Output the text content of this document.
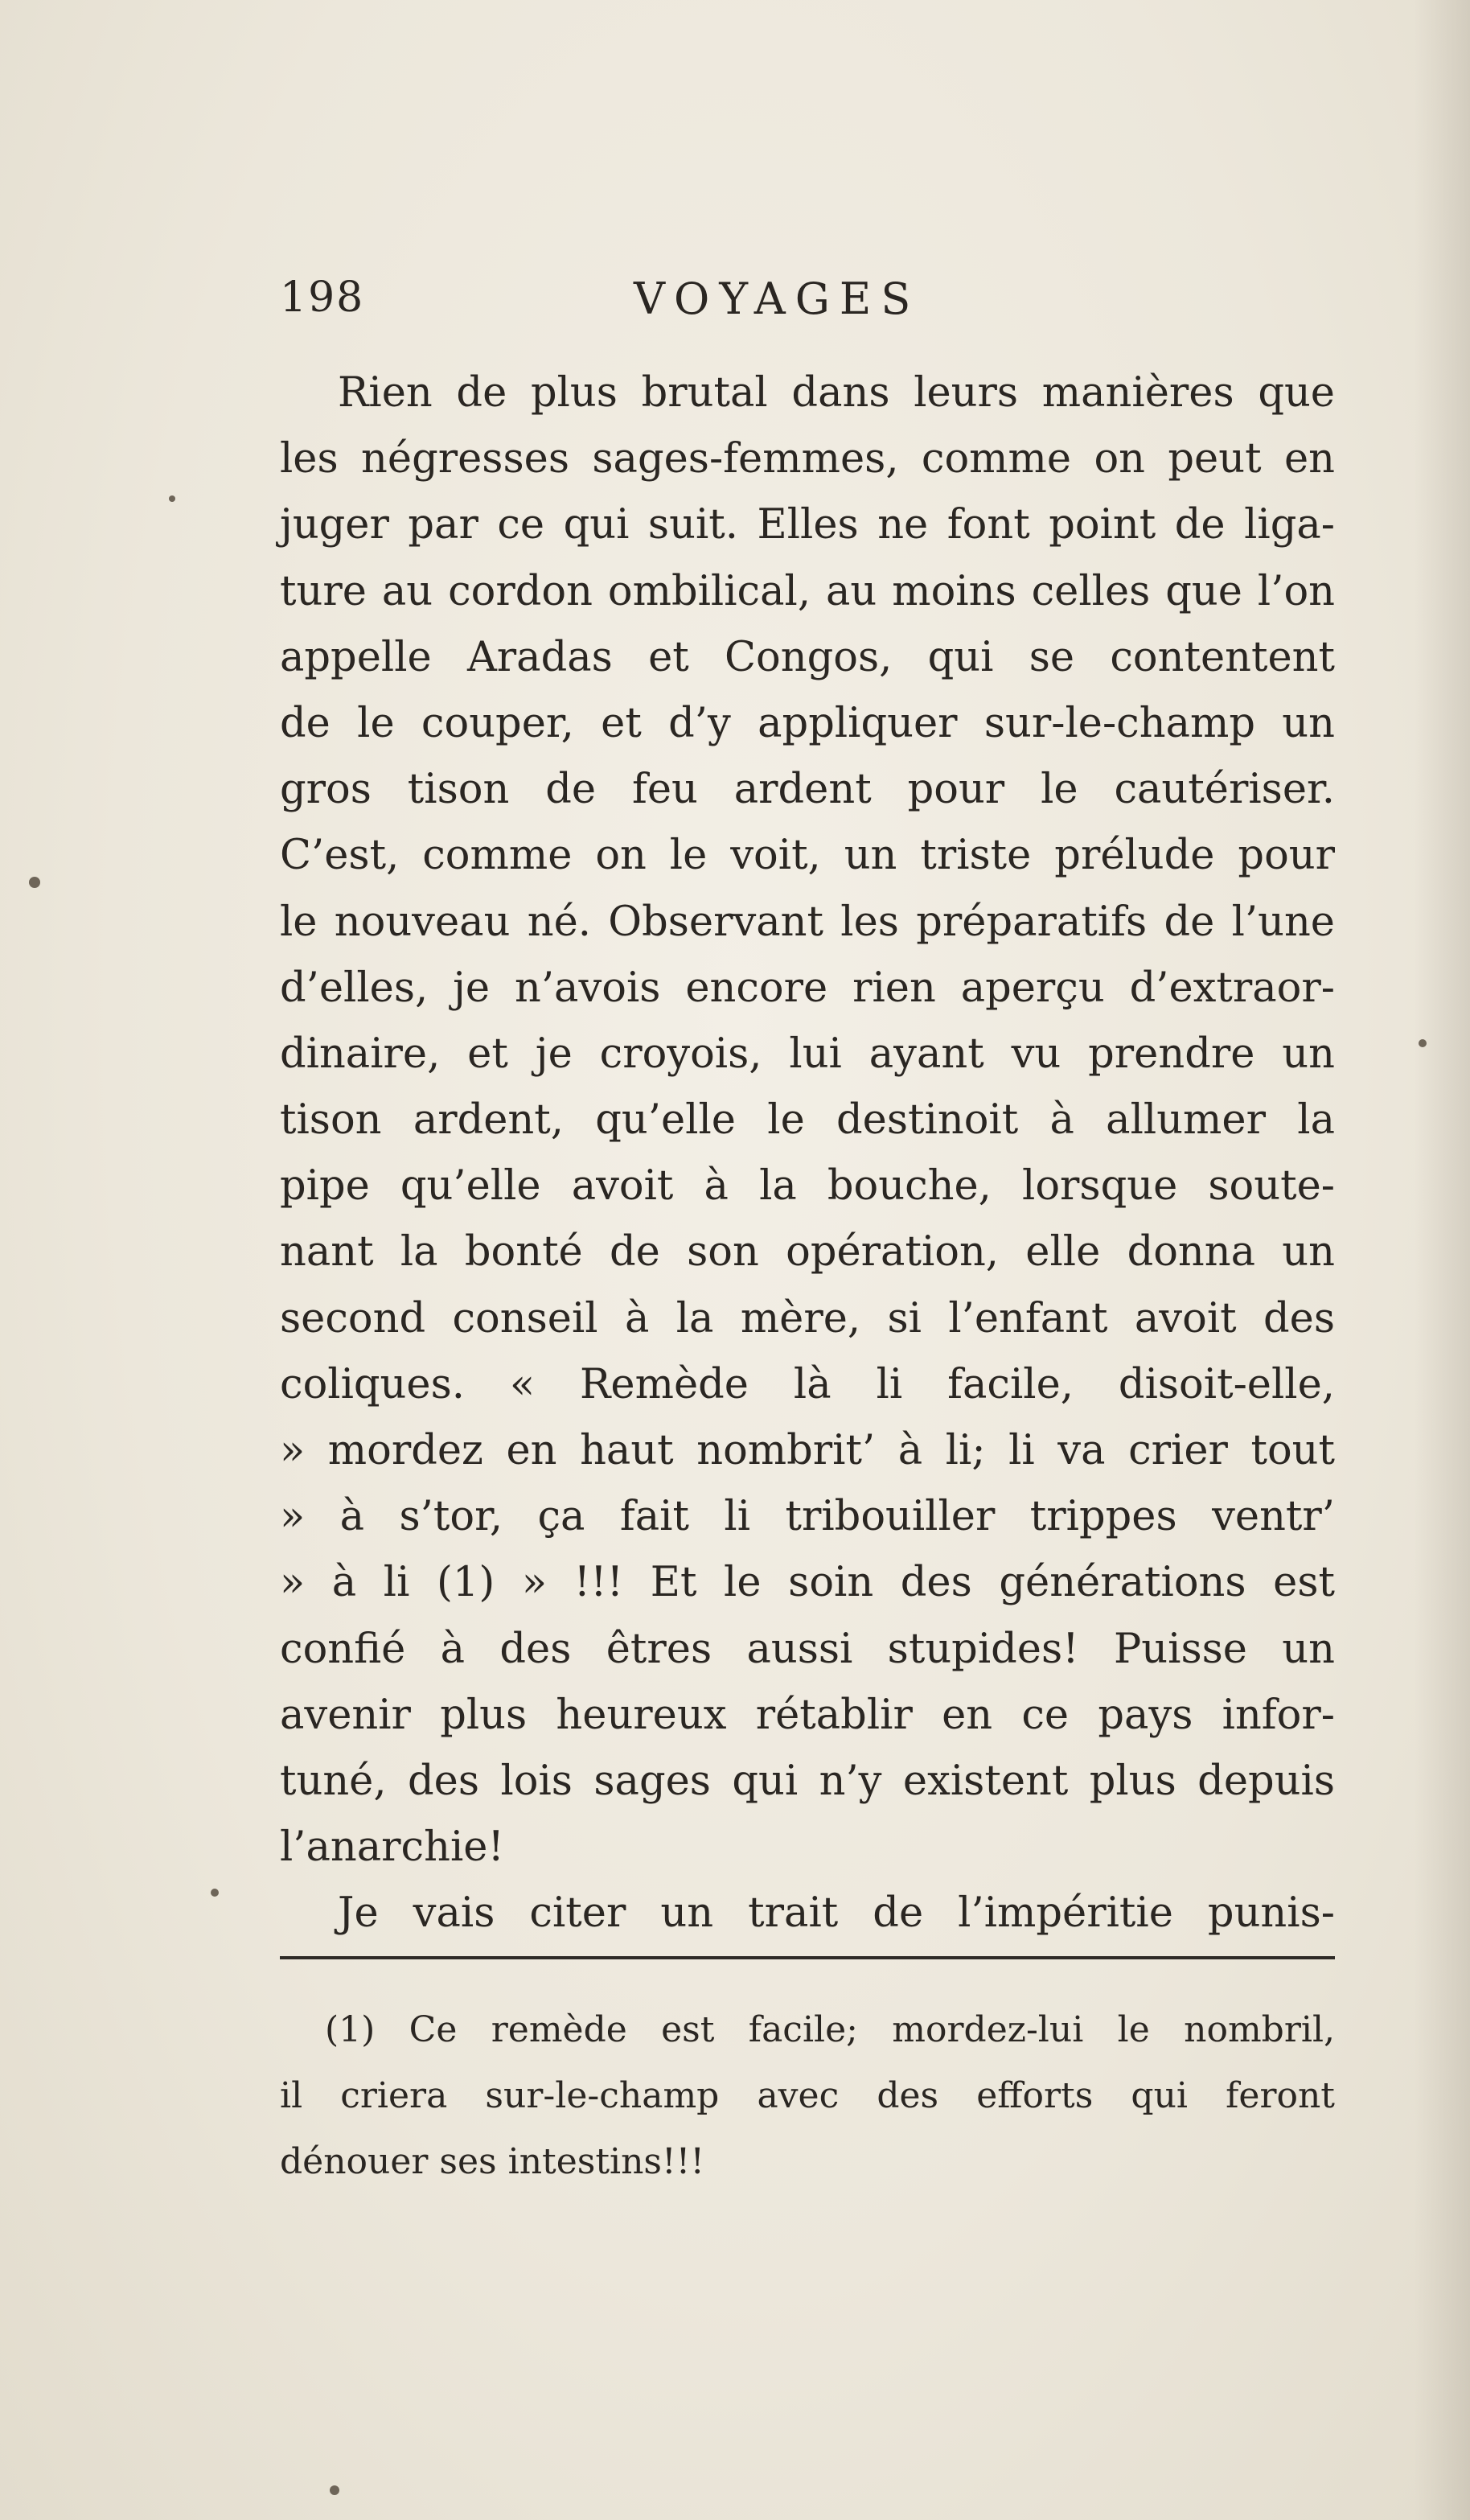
198	VOYAGES
Rien de plus brutal dans leurs manières que
les négresses sages-femmes, comme on peut en
juger par ce qui suit. Elles ne font point de liga-
ture au cordon ombilical, au moins celles que l’on
appelle Aradas et Congos, qui se contentent
de le couper, et d’y appliquer sur-le-champ un
gros tison de feu ardent pour le cautériser.
C’est, comme on le voit, un triste prélude pour
le nouveau né. Observant les préparatifs de l’une
d’elles, je n’avois encore rien aperçu d’extraor-
dinaire, et je croyois, lui ayant vu prendre un
tison ardent, qu’elle le destinoit à allumer la
pipe qu’elle avoit à la bouche, lorsque soute-
nant la bonté de son opération, elle donna un
second conseil à la mère, si l’enfant avoit des
coliques. « Remède là li facile, disoit-elle,
» mordez en haut nombrit’ à li; li va crier tout
» à s’tor, ça fait li tribouiller trippes ventr’
» à li (1) » !!! Et le soin des générations est
confié à des êtres aussi stupides! Puisse un
avenir plus heureux rétablir en ce pays infor-
tuné, des lois sages qui n’y existent plus depuis
l’anarchie!
Je vais citer un trait de l’impéritie punis-
(1) Ce remède est facile; mordez-lui le nombril,
il criera sur-le-champ avec des efforts qui feront
dénouer ses intestins!!!
